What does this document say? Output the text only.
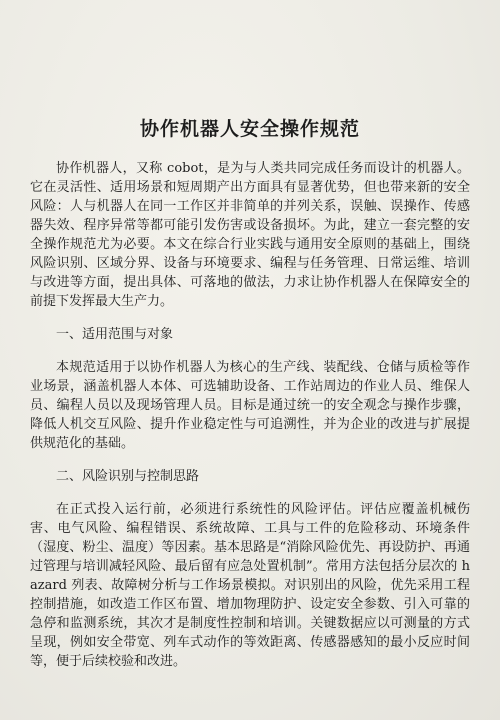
协作机器人安全操作规范

协作机器人，又称 cobot，是为与人类共同完成任务而设计的机器人。它在灵活性、适用场景和短周期产出方面具有显著优势，但也带来新的安全风险：人与机器人在同一工作区并非简单的并列关系，误触、误操作、传感器失效、程序异常等都可能引发伤害或设备损坏。为此，建立一套完整的安全操作规范尤为必要。本文在综合行业实践与通用安全原则的基础上，围绕风险识别、区域分界、设备与环境要求、编程与任务管理、日常运维、培训与改进等方面，提出具体、可落地的做法，力求让协作机器人在保障安全的前提下发挥最大生产力。

一、适用范围与对象

本规范适用于以协作机器人为核心的生产线、装配线、仓储与质检等作业场景，涵盖机器人本体、可选辅助设备、工作站周边的作业人员、维保人员、编程人员以及现场管理人员。目标是通过统一的安全观念与操作步骤，降低人机交互风险、提升作业稳定性与可追溯性，并为企业的改进与扩展提供规范化的基础。

二、风险识别与控制思路

在正式投入运行前，必须进行系统性的风险评估。评估应覆盖机械伤害、电气风险、编程错误、系统故障、工具与工件的危险移动、环境条件（湿度、粉尘、温度）等因素。基本思路是“消除风险优先、再设防护、再通过管理与培训减轻风险、最后留有应急处置机制”。常用方法包括分层次的 hazard 列表、故障树分析与工作场景模拟。对识别出的风险，优先采用工程控制措施，如改造工作区布置、增加物理防护、设定安全参数、引入可靠的急停和监测系统，其次才是制度性控制和培训。关键数据应以可测量的方式呈现，例如安全带宽、列车式动作的等效距离、传感器感知的最小反应时间等，便于后续校验和改进。
